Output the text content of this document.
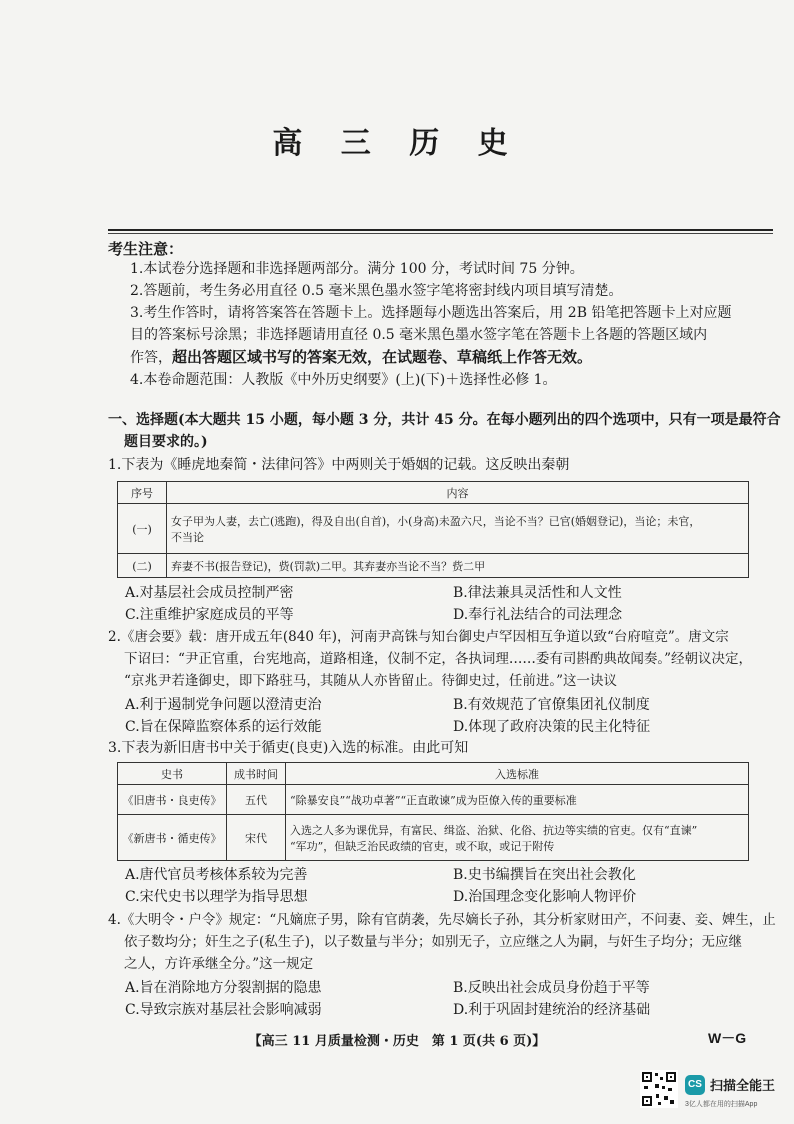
高 三 历 史
考生注意：
1.本试卷分选择题和非选择题两部分。满分 100 分，考试时间 75 分钟。
2.答题前，考生务必用直径 0.5 毫米黑色墨水签字笔将密封线内项目填写清楚。
3.考生作答时，请将答案答在答题卡上。选择题每小题选出答案后，用 2B 铅笔把答题卡上对应题
目的答案标号涂黑；非选择题请用直径 0.5 毫米黑色墨水签字笔在答题卡上各题的答题区域内
作答，超出答题区域书写的答案无效，在试题卷、草稿纸上作答无效。
4.本卷命题范围：人教版《中外历史纲要》(上)(下)＋选择性必修 1。
一、选择题(本大题共 15 小题，每小题 3 分，共计 45 分。在每小题列出的四个选项中，只有一项是最符合
题目要求的。)
1.下表为《睡虎地秦简・法律问答》中两则关于婚姻的记载。这反映出秦朝
序号	内容
(一)	女子甲为人妻，去亡(逃跑)，得及自出(自首)，小(身高)未盈六尺，当论不当？已官(婚姻登记)，当论；未官，
不当论

(二)	弃妻不书(报告登记)，赀(罚款)二甲。其弃妻亦当论不当？赀二甲
A.对基层社会成员控制严密	B.律法兼具灵活性和人文性
C.注重维护家庭成员的平等	D.奉行礼法结合的司法理念
2.《唐会要》载：唐开成五年(840 年)，河南尹高铢与知台御史卢罕因相互争道以致“台府喧竞”。唐文宗
下诏曰：“尹正官重，台宪地高，道路相逢，仪制不定，各执词理……委有司斟酌典故闻奏。”经朝议决定，
“京兆尹若逢御史，即下路驻马，其随从人亦皆留止。待御史过，任前进。”这一诀议
A.利于遏制党争问题以澄清吏治	B.有效规范了官僚集团礼仪制度
C.旨在保障监察体系的运行效能	D.体现了政府决策的民主化特征
3.下表为新旧唐书中关于循吏(良吏)入选的标准。由此可知
史书	成书时间	入选标准
《旧唐书・良吏传》	五代	“除暴安良”“战功卓著”“正直敢谏”成为臣僚入传的重要标准
《新唐书・循吏传》	宋代	入选之人多为课优异，有富民、缉盗、治狱、化俗、抗边等实绩的官吏。仅有“直谏”
“军功”，但缺乏治民政绩的官吏，或不取，或记于附传
A.唐代官员考核体系较为完善	B.史书编撰旨在突出社会教化
C.宋代史书以理学为指导思想	D.治国理念变化影响人物评价
4.《大明令・户令》规定：“凡嫡庶子男，除有官荫袭，先尽嫡长子孙，其分析家财田产，不问妻、妾、婢生，止
依子数均分；奸生之子(私生子)，以子数量与半分；如别无子，立应继之人为嗣，与奸生子均分；无应继
之人，方许承继全分。”这一规定
A.旨在消除地方分裂割据的隐患	B.反映出社会成员身份趋于平等
C.导致宗族对基层社会影响减弱	D.利于巩固封建统治的经济基础
【高三 11 月质量检测・历史　第 1 页(共 6 页)】	W－G
CS 扫描全能王
3亿人都在用的扫描App
